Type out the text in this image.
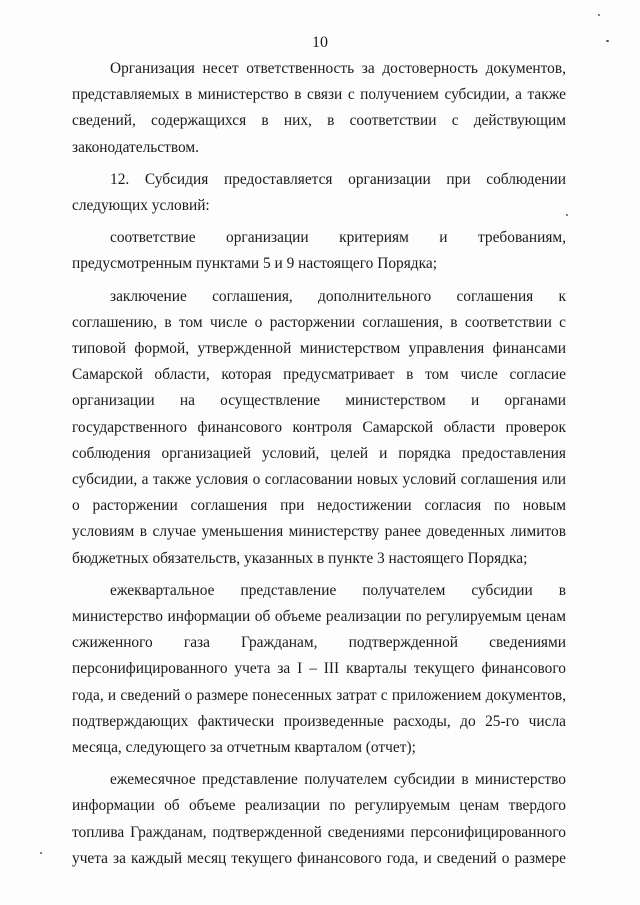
10
Организация несет ответственность за достоверность документов,
представляемых в министерство в связи с получением субсидии, а также
сведений, содержащихся в них, в соответствии с действующим
законодательством.
12. Субсидия предоставляется организации при соблюдении
следующих условий:
соответствие организации критериям и требованиям,
предусмотренным пунктами 5 и 9 настоящего Порядка;
заключение соглашения, дополнительного соглашения к
соглашению, в том числе о расторжении соглашения, в соответствии с
типовой формой, утвержденной министерством управления финансами
Самарской области, которая предусматривает в том числе согласие
организации на осуществление министерством и органами
государственного финансового контроля Самарской области проверок
соблюдения организацией условий, целей и порядка предоставления
субсидии, а также условия о согласовании новых условий соглашения или
о расторжении соглашения при недостижении согласия по новым
условиям в случае уменьшения министерству ранее доведенных лимитов
бюджетных обязательств, указанных в пункте 3 настоящего Порядка;
ежеквартальное представление получателем субсидии в
министерство информации об объеме реализации по регулируемым ценам
сжиженного газа Гражданам, подтвержденной сведениями
персонифицированного учета за I – III кварталы текущего финансового
года, и сведений о размере понесенных затрат с приложением документов,
подтверждающих фактически произведенные расходы, до 25-го числа
месяца, следующего за отчетным кварталом (отчет);
ежемесячное представление получателем субсидии в министерство
информации об объеме реализации по регулируемым ценам твердого
топлива Гражданам, подтвержденной сведениями персонифицированного
учета за каждый месяц текущего финансового года, и сведений о размере
